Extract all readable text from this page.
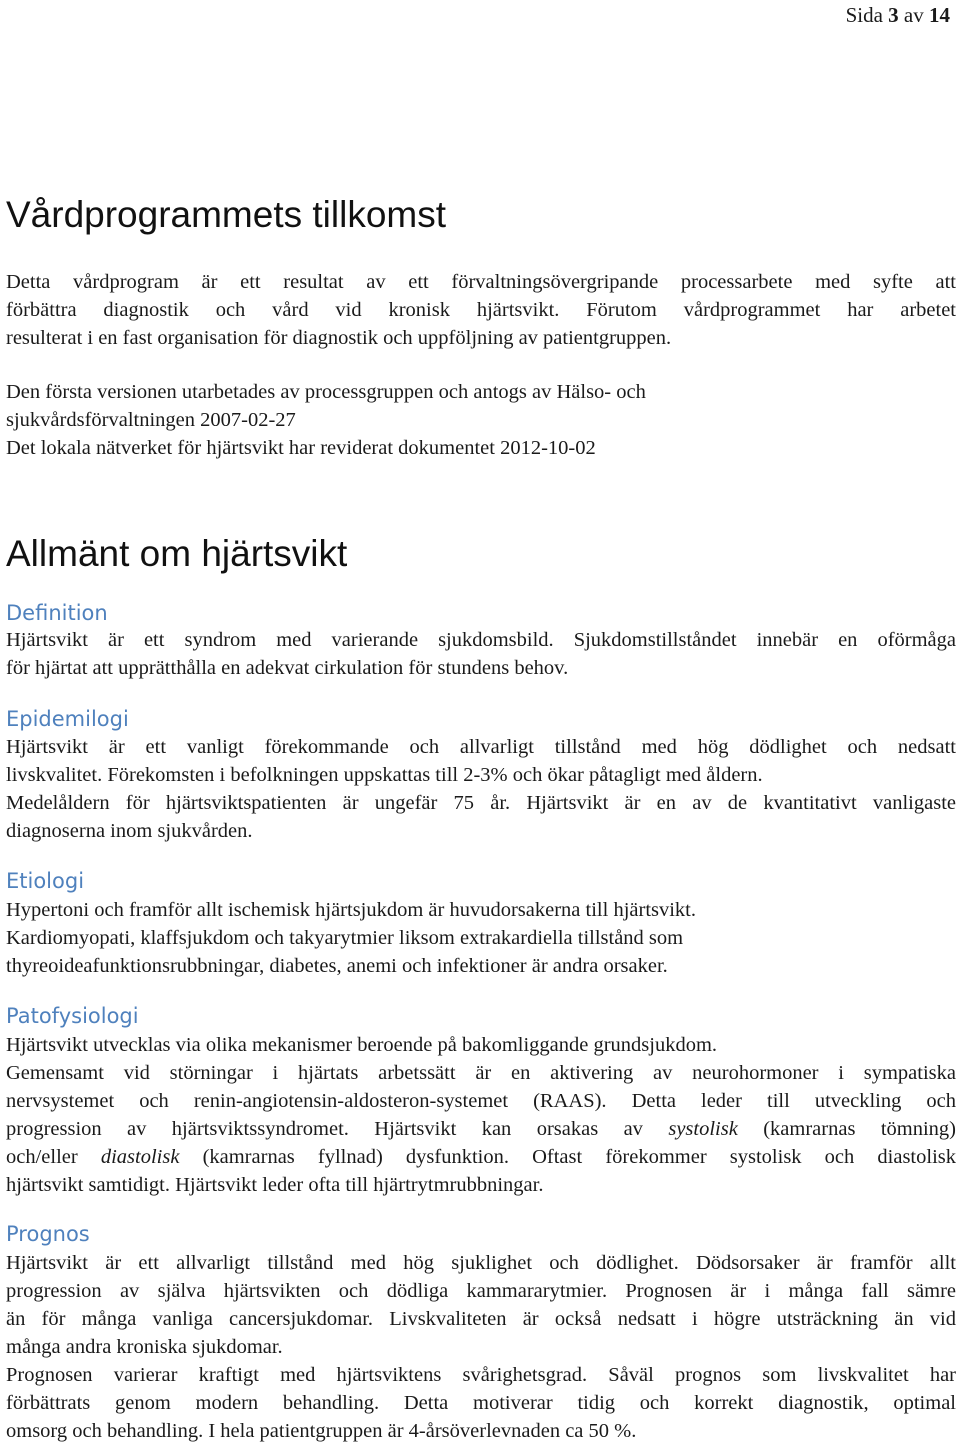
Sida 3 av 14
Vårdprogrammets tillkomst

Detta vårdprogram är ett resultat av ett förvaltningsövergripande processarbete med syfte att
förbättra diagnostik och vård vid kronisk hjärtsvikt. Förutom vårdprogrammet har arbetet
resulterat i en fast organisation för diagnostik och uppföljning av patientgruppen.

Den första versionen utarbetades av processgruppen och antogs av Hälso- och
sjukvårdsförvaltningen 2007-02-27
Det lokala nätverket för hjärtsvikt har reviderat dokumentet 2012-10-02

Allmänt om hjärtsvikt
Definition

Hjärtsvikt är ett syndrom med varierande sjukdomsbild. Sjukdomstillståndet innebär en oförmåga
för hjärtat att upprätthålla en adekvat cirkulation för stundens behov.

Epidemilogi

Hjärtsvikt är ett vanligt förekommande och allvarligt tillstånd med hög dödlighet och nedsatt
livskvalitet. Förekomsten i befolkningen uppskattas till 2-3% och ökar påtagligt med åldern.
Medelåldern för hjärtsviktspatienten är ungefär 75 år. Hjärtsvikt är en av de kvantitativt vanligaste
diagnoserna inom sjukvården.

Etiologi

Hypertoni och framför allt ischemisk hjärtsjukdom är huvudorsakerna till hjärtsvikt.
Kardiomyopati, klaffsjukdom och takyarytmier liksom extrakardiella tillstånd som
thyreoideafunktionsrubbningar, diabetes, anemi och infektioner är andra orsaker.

Patofysiologi

Hjärtsvikt utvecklas via olika mekanismer beroende på bakomliggande grundsjukdom.
Gemensamt vid störningar i hjärtats arbetssätt är en aktivering av neurohormoner i sympatiska
nervsystemet och renin-angiotensin-aldosteron-systemet (RAAS). Detta leder till utveckling och
progression av hjärtsviktssyndromet. Hjärtsvikt kan orsakas av systolisk (kamrarnas tömning)
och/eller diastolisk (kamrarnas fyllnad) dysfunktion. Oftast förekommer systolisk och diastolisk
hjärtsvikt samtidigt. Hjärtsvikt leder ofta till hjärtrytmrubbningar.

Prognos

Hjärtsvikt är ett allvarligt tillstånd med hög sjuklighet och dödlighet. Dödsorsaker är framför allt
progression av själva hjärtsvikten och dödliga kammararytmier. Prognosen är i många fall sämre
än för många vanliga cancersjukdomar. Livskvaliteten är också nedsatt i högre utsträckning än vid
många andra kroniska sjukdomar.

Prognosen varierar kraftigt med hjärtsviktens svårighetsgrad. Såväl prognos som livskvalitet har
förbättrats genom modern behandling. Detta motiverar tidig och korrekt diagnostik, optimal
omsorg och behandling. I hela patientgruppen är 4-årsöverlevnaden ca 50 %.
